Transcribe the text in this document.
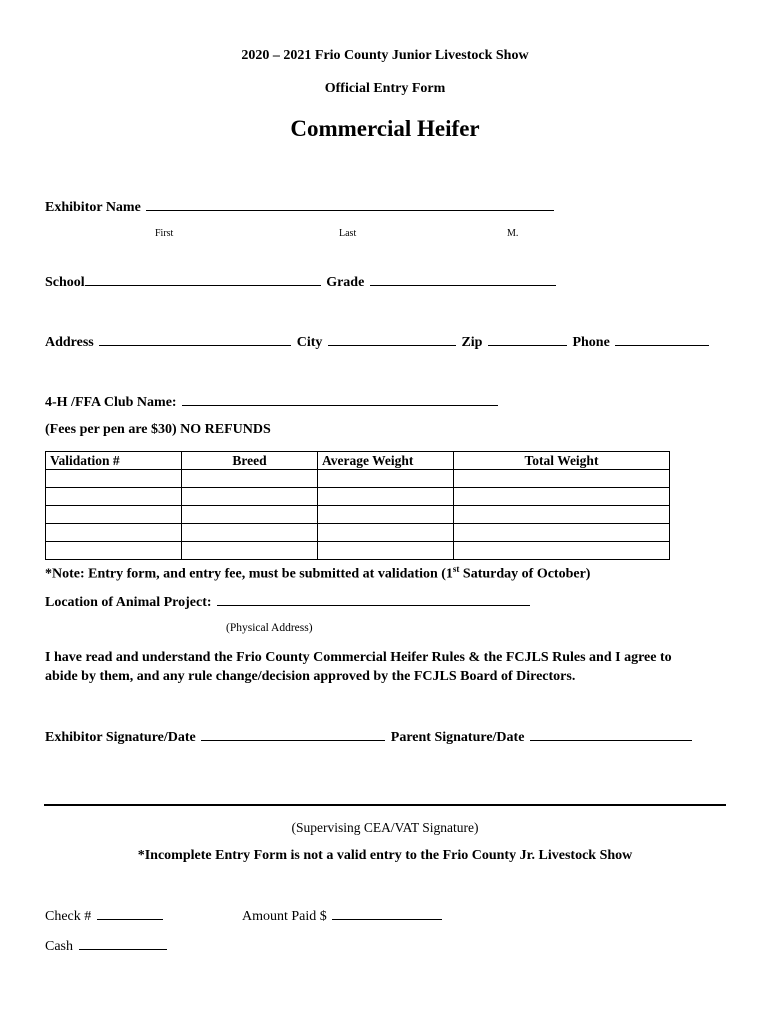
2020 – 2021 Frio County Junior Livestock Show
Official Entry Form
Commercial Heifer
Exhibitor Name
First	Last	M.
School	Grade
Address	City	Zip	Phone
4-H /FFA Club Name:
(Fees per pen are $30) NO REFUNDS
Validation #	Breed	Average Weight	Total Weight

*Note: Entry form, and entry fee, must be submitted at validation (1st Saturday of October)
Location of Animal Project:
(Physical Address)
I have read and understand the Frio County Commercial Heifer Rules & the FCJLS Rules and I agree to
abide by them, and any rule change/decision approved by the FCJLS Board of Directors.
Exhibitor Signature/Date	Parent Signature/Date
(Supervising CEA/VAT Signature)
*Incomplete Entry Form is not a valid entry to the Frio County Jr. Livestock Show
Check #	Amount Paid $
Cash
